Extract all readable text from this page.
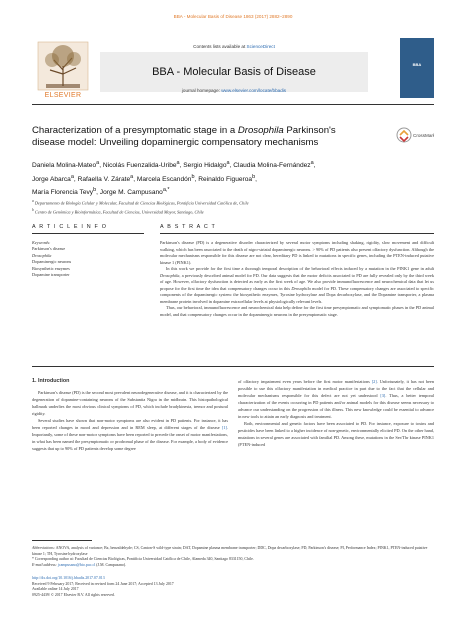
BBA - Molecular Basis of Disease 1863 (2017) 2882–2890
ELSEVIER
Contents lists available at ScienceDirect
BBA - Molecular Basis of Disease
journal homepage: www.elsevier.com/locate/bbadis
BBA
Characterization of a presymptomatic stage in a Drosophila Parkinson's disease model: Unveiling dopaminergic compensatory mechanisms
CrossMark
Daniela Molina-Mateo$^a$, Nicolás Fuenzalida-Uribe$^a$, Sergio Hidalgo$^a$, Claudia Molina-Fernández$^a$,
Jorge Abarca$^a$, Rafaella V. Zárate$^a$, Marcela Escandón$^b$, Reinaldo Figueroa$^b$,
María Florencia Tevy$^b$, Jorge M. Campusano$^{a,*}$
$^a$ Departamento de Biología Celular y Molecular, Facultad de Ciencias Biológicas, Pontificia Universidad Católica de, Chile
$^b$ Centro de Genómica y Bioinformática, Facultad de Ciencias, Universidad Mayor, Santiago, Chile
A R T I C L E I N F O	A B S T R A C T
Keywords:
Parkinson's disease
Drosophila
Dopaminergic neurons
Biosynthetic enzymes
Dopamine transporter

Parkinson's disease (PD) is a degenerative disorder characterized by several motor symptoms including shaking, rigidity, slow movement and difficult walking, which has been associated to the death of nigro-striatal dopaminergic neurons. > 90% of PD patients also present olfactory dysfunction. Although the molecular mechanisms responsible for this disease are not clear, hereditary PD is linked to mutations in specific genes, including the PTEN-induced putative kinase 1 (PINK1).

In this work we provide for the first time a thorough temporal description of the behavioral effects induced by a mutation in the PINK1 gene in adult Drosophila, a previously described animal model for PD. Our data suggests that the motor deficits associated to PD are fully revealed only by the third week of age. However, olfactory dysfunction is detected as early as the first week of age. We also provide immunofluorescence and neurochemical data that let us propose for the first time the idea that compensatory changes occur in this Drosophila model for PD. These compensatory changes are associated to specific components of the dopaminergic system: the biosynthetic enzymes, Tyrosine hydroxylase and Dopa decarboxylase, and the Dopamine transporter, a plasma membrane protein involved in dopamine extracellular levels at physiologically relevant levels.

Thus, our behavioral, immunofluorescence and neurochemical data help define for the first time presymptomatic and symptomatic phases in the PD animal model, and that compensatory changes occur in the dopaminergic neurons in the presymptomatic stage.

1. Introduction

Parkinson's disease (PD) is the second most prevalent neurodegenerative disease, and it is characterized by the degeneration of dopamine-containing neurons of the Substantia Nigra in the midbrain. This histopathological hallmark underlies the most obvious clinical symptoms of PD, which include bradykinesia, tremor and postural rigidity.

Several studies have shown that non-motor symptoms are also evident in PD patients. For instance, it has been reported changes in mood and depression and in REM sleep, at different stages of the disease [1]. Importantly, some of these non-motor symptoms have been reported to precede the onset of motor manifestations, in what has been named the presymptomatic or prodromal phase of the disease. For example, a body of evidence suggests that up to 90% of PD patients develop some degree

of olfactory impairment even years before the first motor manifestations [2]. Unfortunately, it has not been possible to use this olfactory manifestation in medical practice in part due to the fact that the cellular and molecular mechanisms responsible for this defect are not yet understood [3]. Thus, a better temporal characterization of the events occurring in PD patients and/or animal models for this disease seems necessary to advance our understanding on the progression of this illness. This new knowledge could be essential to advance in new tools to attain an early diagnosis and treatment.

Both, environmental and genetic factors have been associated to PD. For instance, exposure to toxins and pesticides have been linked to a higher incidence of non-genetic, environmentally elicited PD. On the other hand, mutations in several genes are associated with familial PD. Among these, mutations in the Ser/Thr kinase PINK1 (PTEN-induced

Abbreviations: ANOVA, analysis of variance; Bz, benzaldehyde; CS, Canton-S wild-type strain; DAT, Dopamine plasma membrane transporter; DDC, Dopa decarboxylase; PD, Parkinson's disease; PI, Performance Index; PINK1, PTEN-induced putative kinase 1; TH, Tyrosine hydroxylase
* Corresponding author at: Facultad de Ciencias Biológicas, Pontificia Universidad Católica de Chile, Alameda 340, Santiago 8331150, Chile.
E-mail address: jcampusano@bio.puc.cl (J.M. Campusano).
http://dx.doi.org/10.1016/j.bbadis.2017.07.013
Received 9 February 2017; Received in revised form 24 June 2017; Accepted 13 July 2017
Available online 14 July 2017
0925-4439/ © 2017 Elsevier B.V. All rights reserved.
